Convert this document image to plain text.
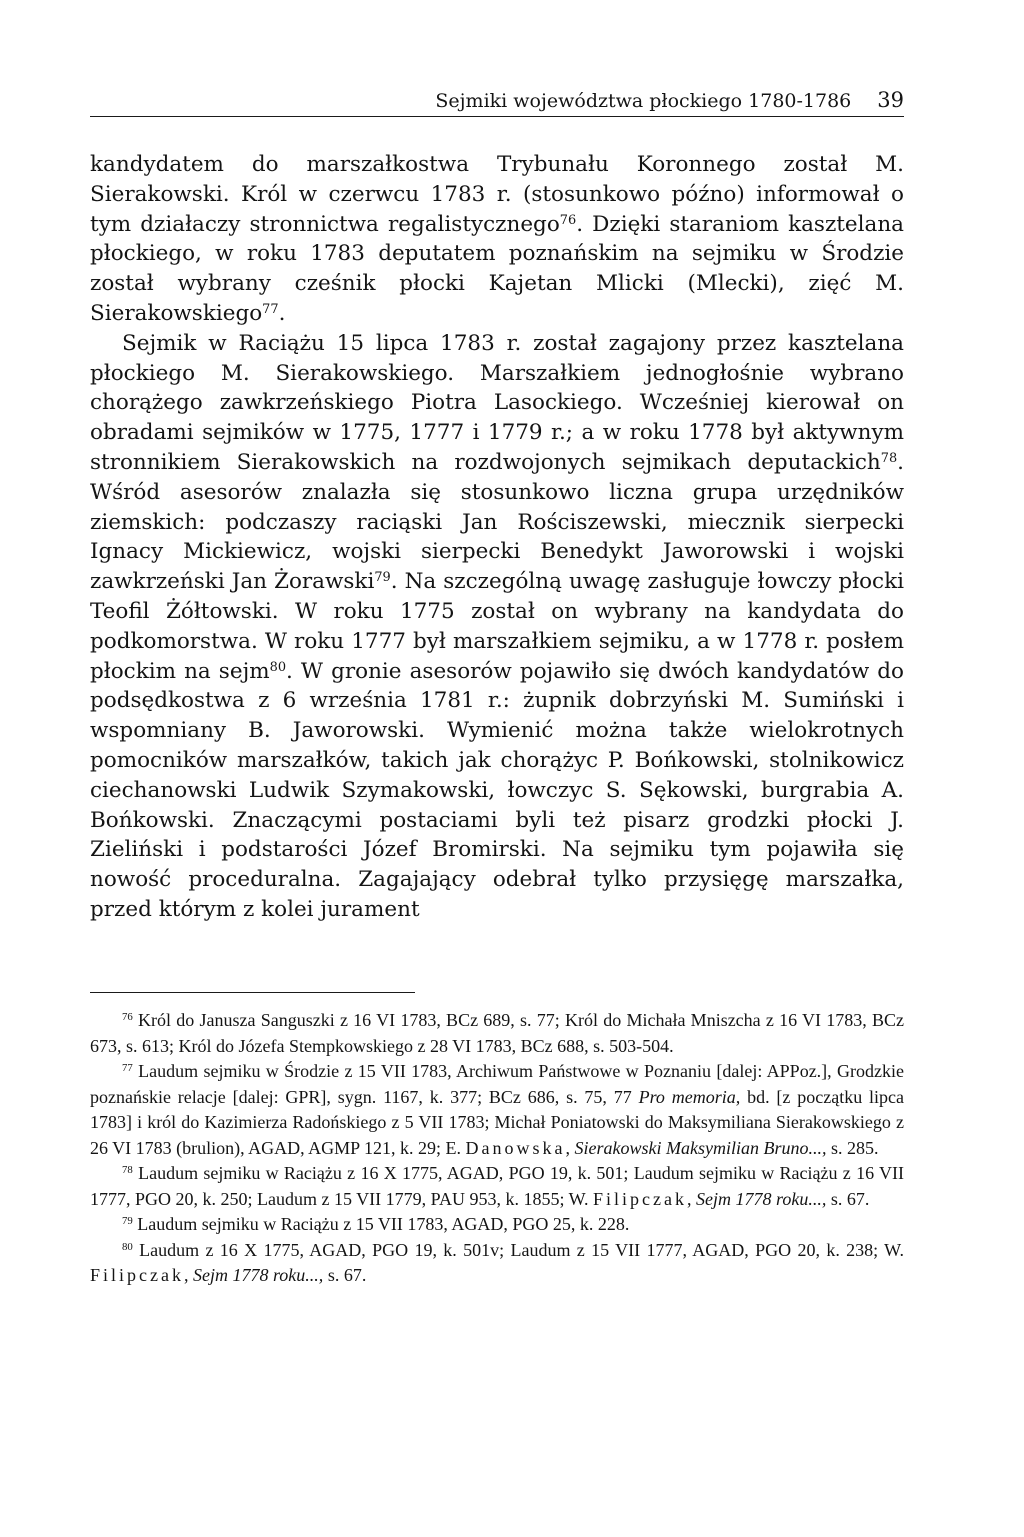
Sejmiki województwa płockiego 1780-1786 39

kandydatem do marszałkostwa Trybunału Koronnego został M. Sierakowski. Król w czerwcu 1783 r. (stosunkowo późno) informował o tym działaczy stronnictwa regalistycznego$^{76}$. Dzięki staraniom kasztelana płockiego, w roku 1783 deputatem poznańskim na sejmiku w Środzie został wybrany cześnik płocki Kajetan Mlicki (Mlecki), zięć M. Sierakowskiego$^{77}$.

Sejmik w Raciążu 15 lipca 1783 r. został zagajony przez kasztelana płockiego M. Sierakowskiego. Marszałkiem jednogłośnie wybrano chorążego zawkrzeńskiego Piotra Lasockiego. Wcześniej kierował on obradami sejmików w 1775, 1777 i 1779 r.; a w roku 1778 był aktywnym stronnikiem Sierakowskich na rozdwojonych sejmikach deputackich$^{78}$. Wśród asesorów znalazła się stosunkowo liczna grupa urzędników ziemskich: podczaszy raciąski Jan Rościszewski, miecznik sierpecki Ignacy Mickiewicz, wojski sierpecki Benedykt Jaworowski i wojski zawkrzeński Jan Żorawski$^{79}$. Na szczególną uwagę zasługuje łowczy płocki Teofil Żółtowski. W roku 1775 został on wybrany na kandydata do podkomorstwa. W roku 1777 był marszałkiem sejmiku, a w 1778 r. posłem płockim na sejm$^{80}$. W gronie asesorów pojawiło się dwóch kandydatów do podsędkostwa z 6 września 1781 r.: żupnik dobrzyński M. Sumiński i wspomniany B. Jaworowski. Wymienić można także wielokrotnych pomocników marszałków, takich jak chorążyc P. Bońkowski, stolnikowicz ciechanowski Ludwik Szymakowski, łowczyc S. Sękowski, burgrabia A. Bońkowski. Znaczącymi postaciami byli też pisarz grodzki płocki J. Zieliński i podstarości Józef Bromirski. Na sejmiku tym pojawiła się nowość proceduralna. Zagajający odebrał tylko przysięgę marszałka, przed którym z kolei jurament

$^{76}$ Król do Janusza Sanguszki z 16 VI 1783, BCz 689, s. 77; Król do Michała Mniszcha z 16 VI 1783, BCz 673, s. 613; Król do Józefa Stempkowskiego z 28 VI 1783, BCz 688, s. 503-504.

$^{77}$ Laudum sejmiku w Środzie z 15 VII 1783, Archiwum Państwowe w Poznaniu [dalej: APPoz.], Grodzkie poznańskie relacje [dalej: GPR], sygn. 1167, k. 377; BCz 686, s. 75, 77 Pro memoria, bd. [z początku lipca 1783] i król do Kazimierza Radońskiego z 5 VII 1783; Michał Poniatowski do Maksymiliana Sierakowskiego z 26 VI 1783 (brulion), AGAD, AGMP 121, k. 29; E. Danowska, Sierakowski Maksymilian Bruno..., s. 285.

$^{78}$ Laudum sejmiku w Raciążu z 16 X 1775, AGAD, PGO 19, k. 501; Laudum sejmiku w Raciążu z 16 VII 1777, PGO 20, k. 250; Laudum z 15 VII 1779, PAU 953, k. 1855; W. Filipczak, Sejm 1778 roku..., s. 67.

$^{79}$ Laudum sejmiku w Raciążu z 15 VII 1783, AGAD, PGO 25, k. 228.

$^{80}$ Laudum z 16 X 1775, AGAD, PGO 19, k. 501v; Laudum z 15 VII 1777, AGAD, PGO 20, k. 238; W. Filipczak, Sejm 1778 roku..., s. 67.
